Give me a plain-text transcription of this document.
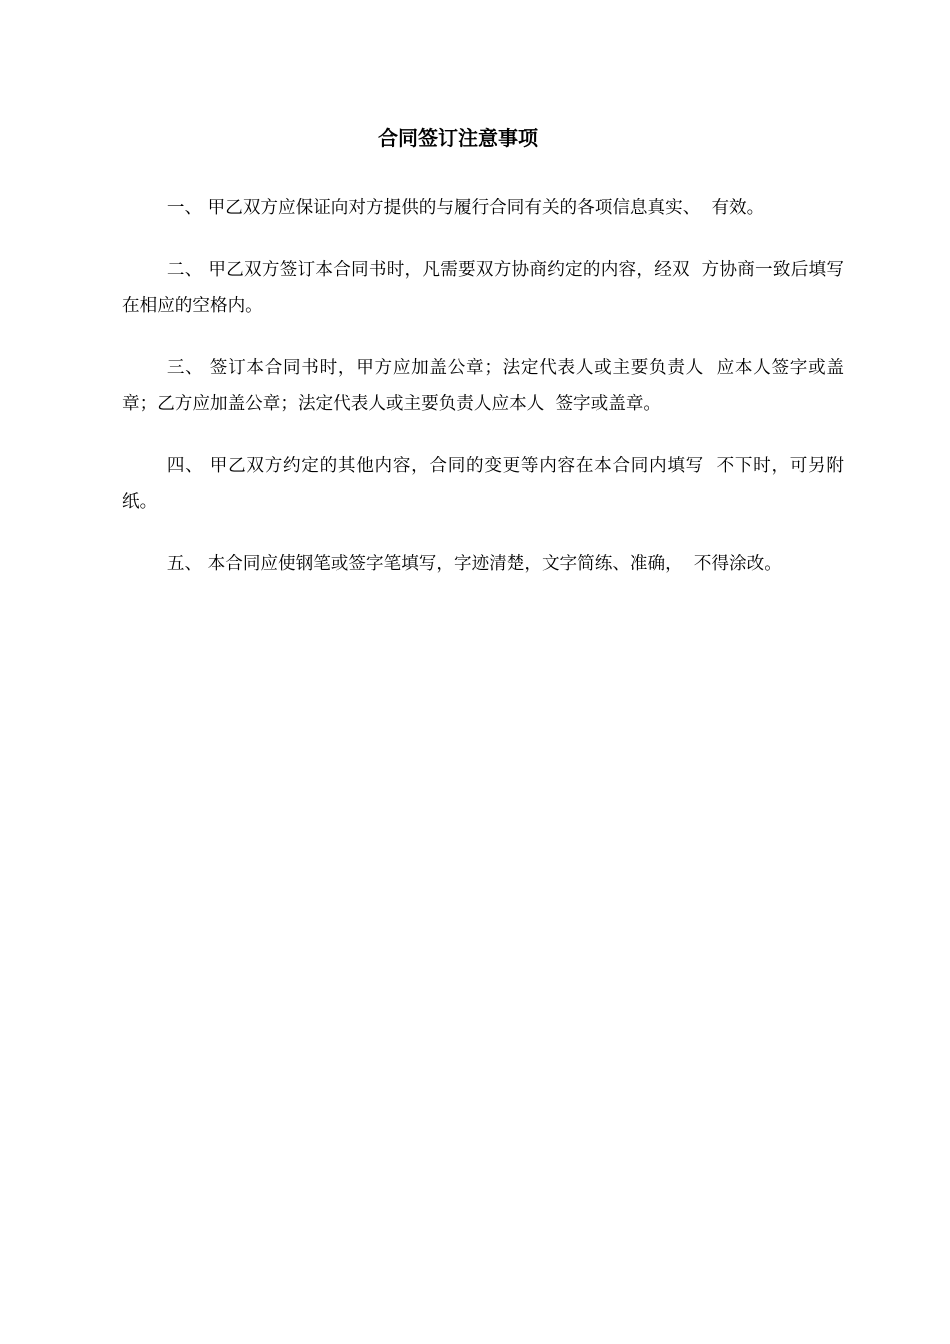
合同签订注意事项

一、 甲乙双方应保证向对方提供的与履行合同有关的各项信息真实、  有效。

二、 甲乙双方签订本合同书时，凡需要双方协商约定的内容，经双  方协商一致后填写在相应的空格内。

三、 签订本合同书时，甲方应加盖公章；法定代表人或主要负责人  应本人签字或盖章；乙方应加盖公章；法定代表人或主要负责人应本人  签字或盖章。

四、 甲乙双方约定的其他内容，合同的变更等内容在本合同内填写  不下时，可另附纸。

五、 本合同应使钢笔或签字笔填写，字迹清楚，文字简练、准确，  不得涂改。
